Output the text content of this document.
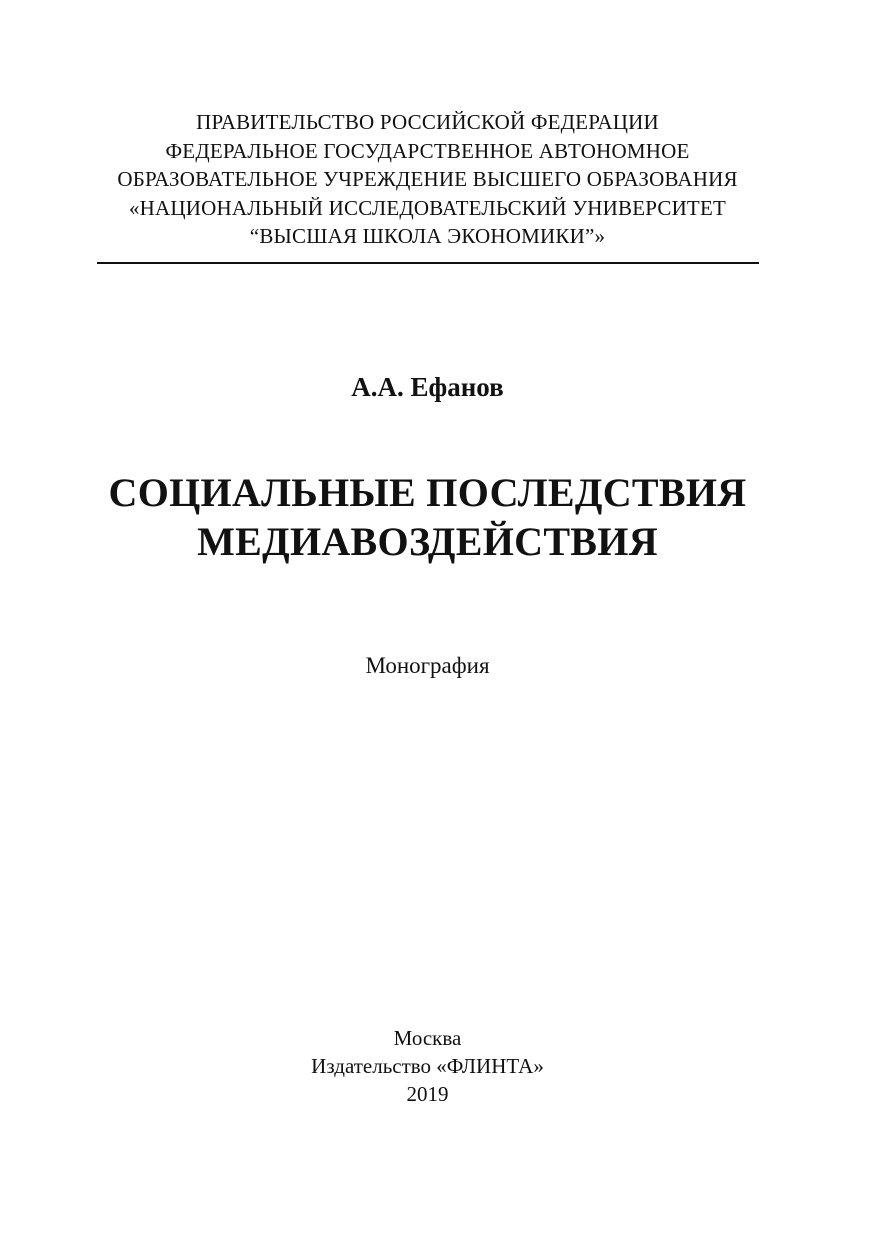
ПРАВИТЕЛЬСТВО РОССИЙСКОЙ ФЕДЕРАЦИИ
ФЕДЕРАЛЬНОЕ ГОСУДАРСТВЕННОЕ АВТОНОМНОЕ
ОБРАЗОВАТЕЛЬНОЕ УЧРЕЖДЕНИЕ ВЫСШЕГО ОБРАЗОВАНИЯ
«НАЦИОНАЛЬНЫЙ ИССЛЕДОВАТЕЛЬСКИЙ УНИВЕРСИТЕТ
“ВЫСШАЯ ШКОЛА ЭКОНОМИКИ”»
А.А. Ефанов
СОЦИАЛЬНЫЕ ПОСЛЕДСТВИЯ
МЕДИАВОЗДЕЙСТВИЯ
Монография
Москва
Издательство «ФЛИНТА»
2019
